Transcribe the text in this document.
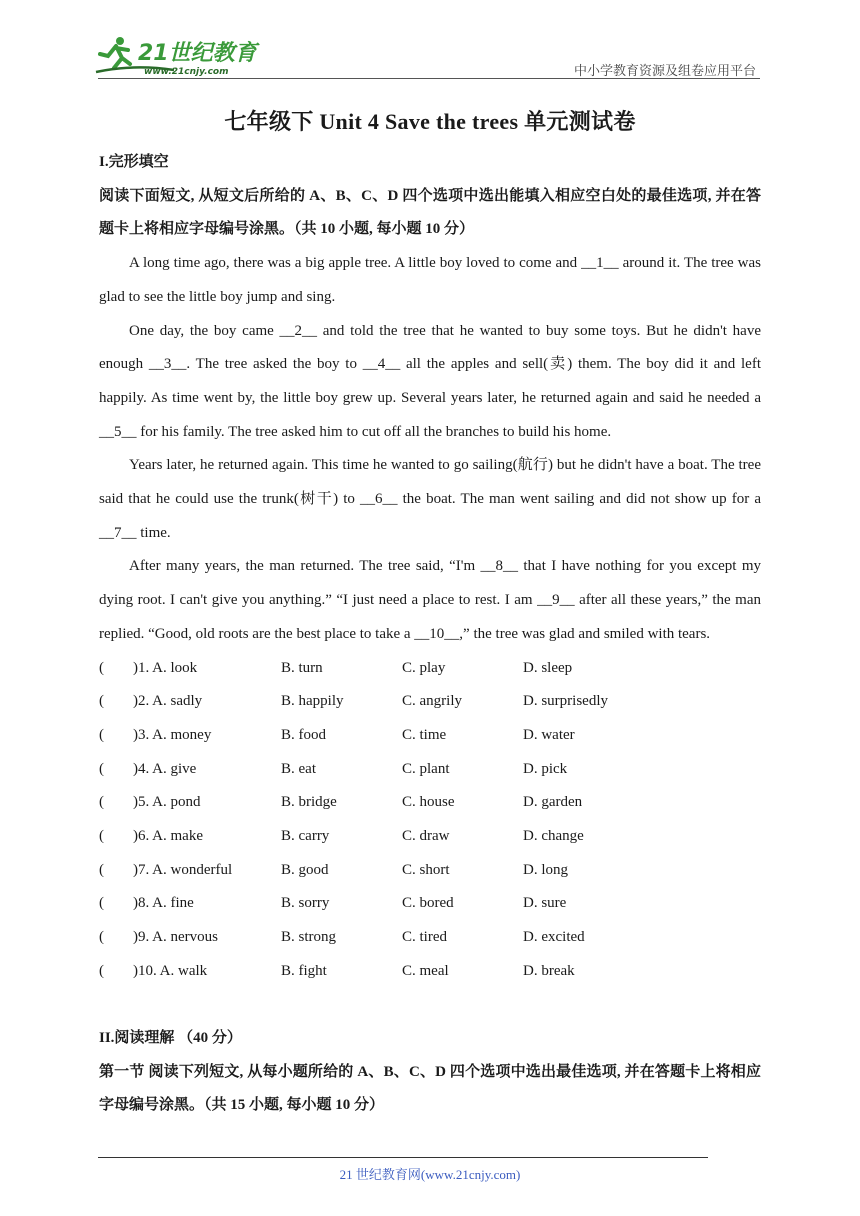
21世纪教育
www.21cnjy.com	中小学教育资源及组卷应用平台
七年级下 Unit 4 Save the trees 单元测试卷
I.完形填空
阅读下面短文, 从短文后所给的 A、B、C、D 四个选项中选出能填入相应空白处的最佳选项, 并在答题卡上将相应字母编号涂黑。（共 10 小题, 每小题 10 分）
A long time ago, there was a big apple tree. A little boy loved to come and __1__ around it. The tree was glad to see the little boy jump and sing.
One day, the boy came __2__ and told the tree that he wanted to buy some toys. But he didn't have enough __3__. The tree asked the boy to __4__ all the apples and sell(卖) them. The boy did it and left happily. As time went by, the little boy grew up. Several years later, he returned again and said he needed a __5__ for his family. The tree asked him to cut off all the branches to build his home.
Years later, he returned again. This time he wanted to go sailing(航行) but he didn't have a boat. The tree said that he could use the trunk(树干) to __6__ the boat. The man went sailing and did not show up for a __7__ time.
After many years, the man returned. The tree said, “I'm __8__ that I have nothing for you except my dying root. I can't give you anything.” “I just need a place to rest. I am __9__ after all these years,” the man replied. “Good, old roots are the best place to take a __10__,” the tree was glad and smiled with tears.
( )1. A. look	B. turn	C. play	D. sleep
( )2. A. sadly	B. happily	C. angrily	D. surprisedly
( )3. A. money	B. food	C. time	D. water
( )4. A. give	B. eat	C. plant	D. pick
( )5. A. pond	B. bridge	C. house	D. garden
( )6. A. make	B. carry	C. draw	D. change
( )7. A. wonderful	B. good	C. short	D. long
( )8. A. fine	B. sorry	C. bored	D. sure
( )9. A. nervous	B. strong	C. tired	D. excited
( )10. A. walk	B. fight	C. meal	D. break
II.阅读理解 （40 分）
第一节 阅读下列短文, 从每小题所给的 A、B、C、D 四个选项中选出最佳选项, 并在答题卡上将相应字母编号涂黑。（共 15 小题, 每小题 10 分）
21 世纪教育网(www.21cnjy.com)
